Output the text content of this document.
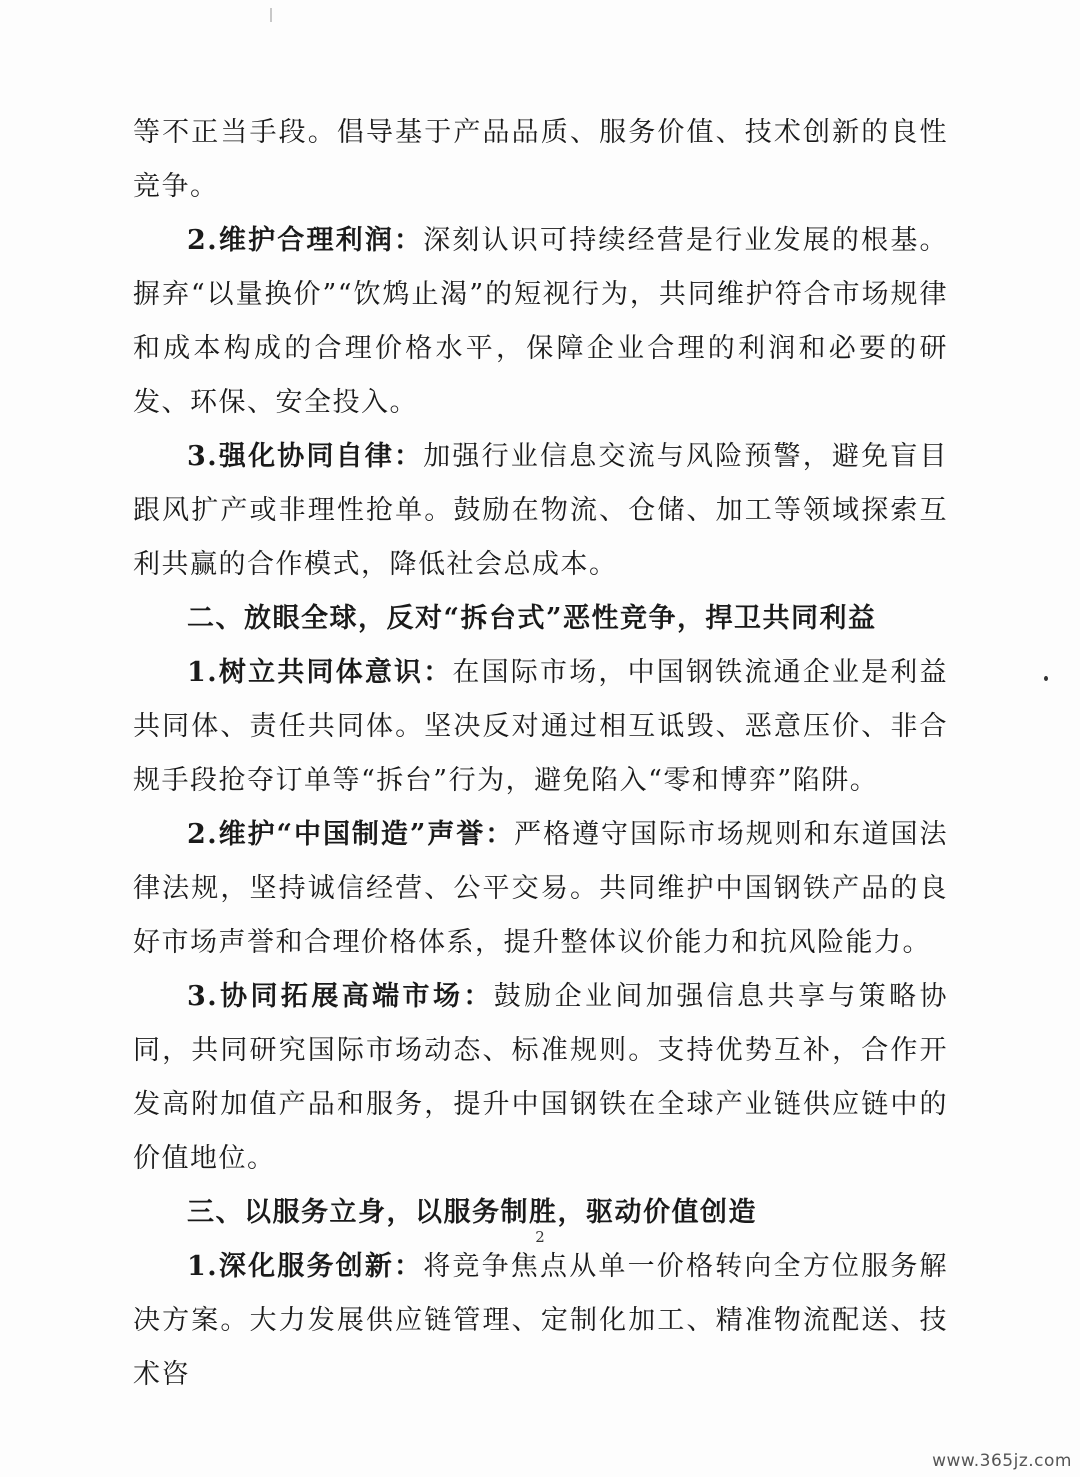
等不正当手段。倡导基于产品品质、服务价值、技术创新的良性竞争。

2.维护合理利润：深刻认识可持续经营是行业发展的根基。摒弃“以量换价”“饮鸩止渴”的短视行为，共同维护符合市场规律和成本构成的合理价格水平，保障企业合理的利润和必要的研发、环保、安全投入。

3.强化协同自律：加强行业信息交流与风险预警，避免盲目跟风扩产或非理性抢单。鼓励在物流、仓储、加工等领域探索互利共赢的合作模式，降低社会总成本。

二、放眼全球，反对“拆台式”恶性竞争，捍卫共同利益

1.树立共同体意识：在国际市场，中国钢铁流通企业是利益共同体、责任共同体。坚决反对通过相互诋毁、恶意压价、非合规手段抢夺订单等“拆台”行为，避免陷入“零和博弈”陷阱。

2.维护“中国制造”声誉：严格遵守国际市场规则和东道国法律法规，坚持诚信经营、公平交易。共同维护中国钢铁产品的良好市场声誉和合理价格体系，提升整体议价能力和抗风险能力。

3.协同拓展高端市场：鼓励企业间加强信息共享与策略协同，共同研究国际市场动态、标准规则。支持优势互补，合作开发高附加值产品和服务，提升中国钢铁在全球产业链供应链中的价值地位。

三、以服务立身，以服务制胜，驱动价值创造

1.深化服务创新：将竞争焦点从单一价格转向全方位服务解决方案。大力发展供应链管理、定制化加工、精准物流配送、技术咨

2
www.365jz.com
